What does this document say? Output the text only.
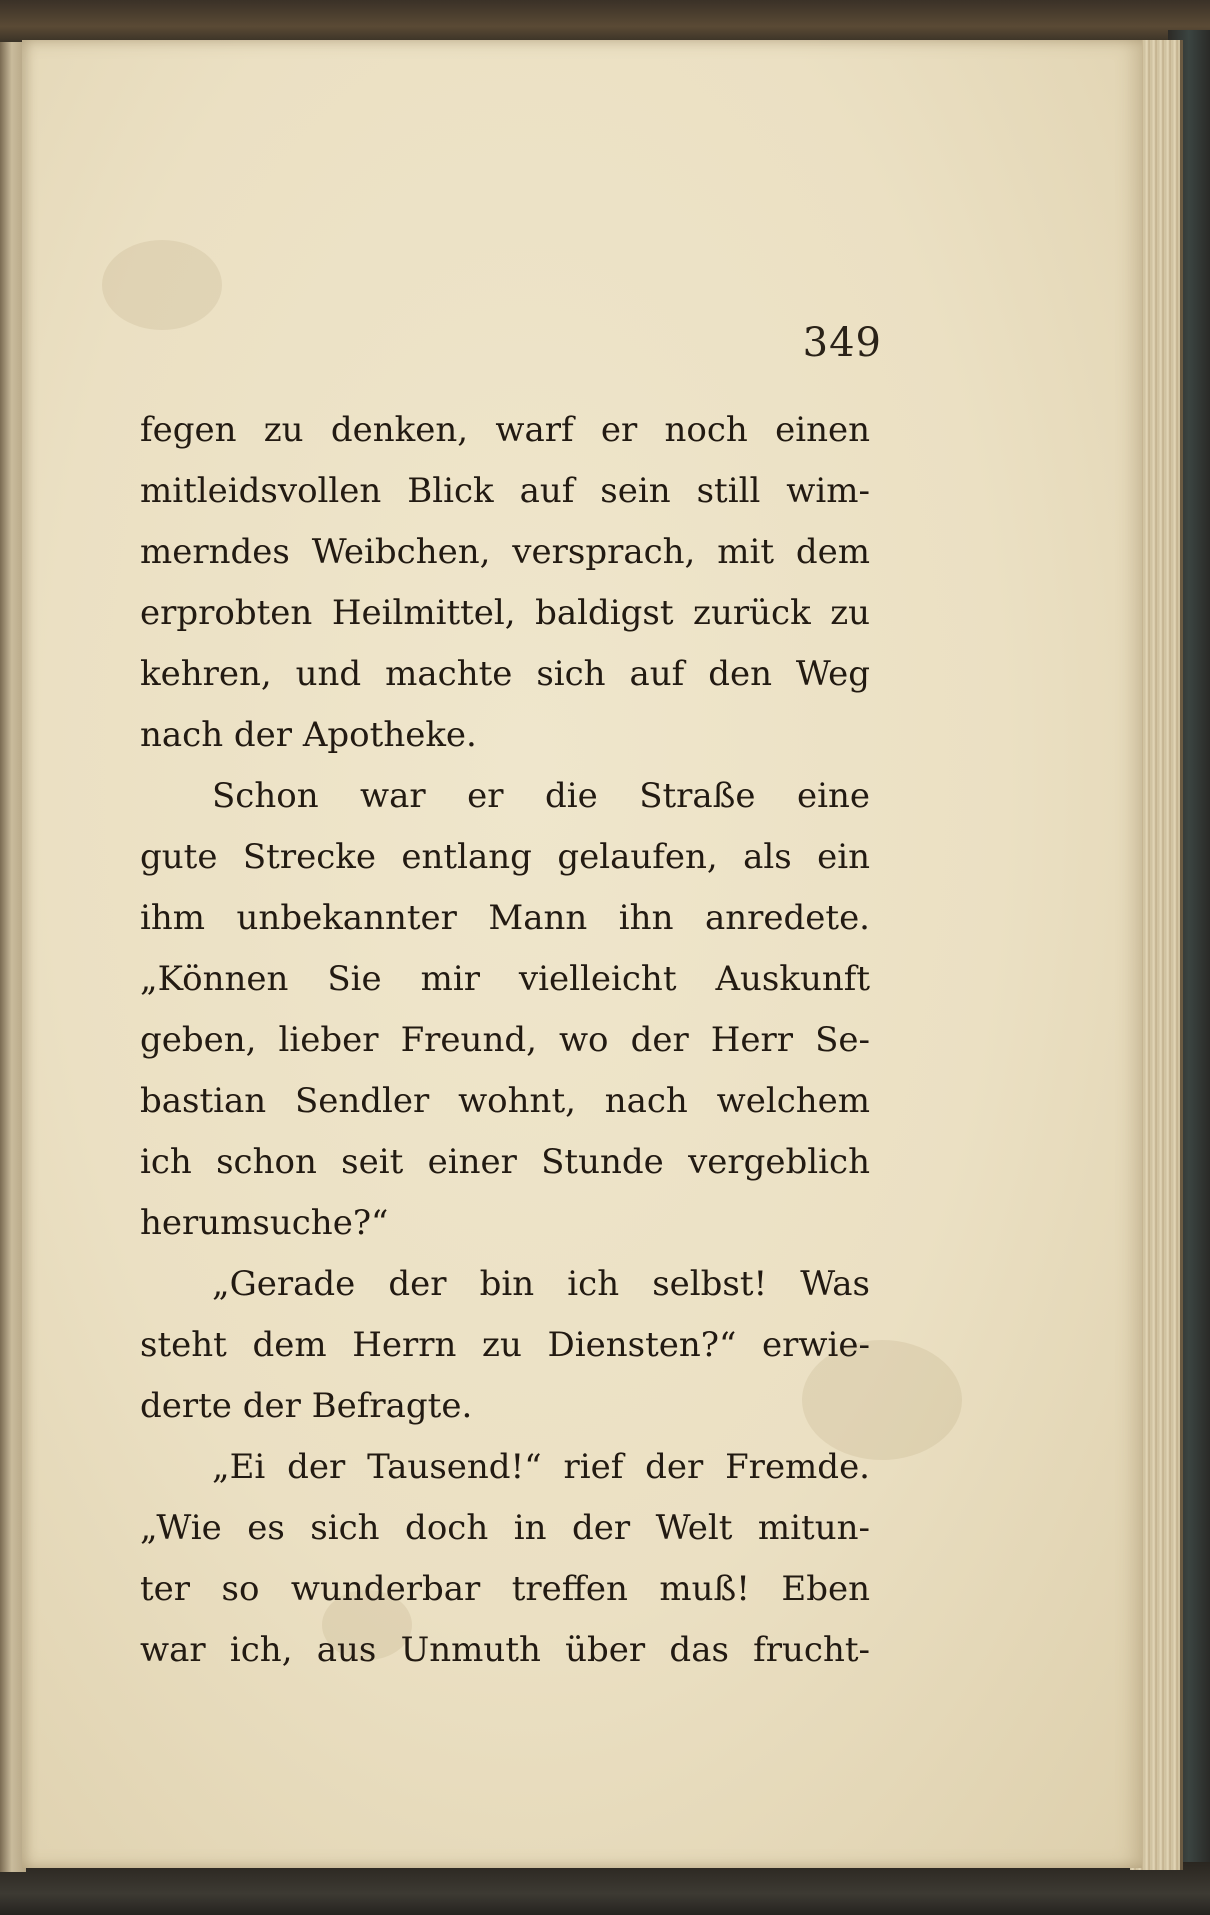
349
fegen zu denken, warf er noch einen
mitleidsvollen Blick auf sein still wim-
merndes Weibchen, versprach, mit dem
erprobten Heilmittel, baldigst zurück zu
kehren, und machte sich auf den Weg
nach der Apotheke.
Schon war er die Straße eine
gute Strecke entlang gelaufen, als ein
ihm unbekannter Mann ihn anredete.
„Können Sie mir vielleicht Auskunft
geben, lieber Freund, wo der Herr Se-
bastian Sendler wohnt, nach welchem
ich schon seit einer Stunde vergeblich
herumsuche?“
„Gerade der bin ich selbst! Was
steht dem Herrn zu Diensten?“ erwie-
derte der Befragte.
„Ei der Tausend!“ rief der Fremde.
„Wie es sich doch in der Welt mitun-
ter so wunderbar treffen muß! Eben
war ich, aus Unmuth über das frucht-
